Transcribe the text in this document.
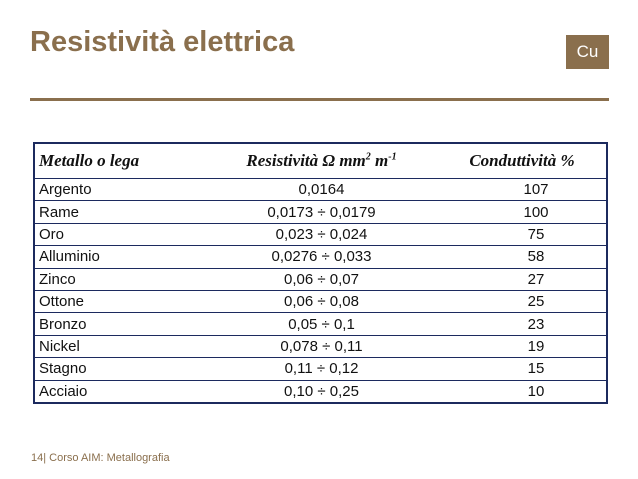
Resistività elettrica	Cu
Metallo o lega	Resistività Ω $mm^2$ $m^{-1}$	Conduttività %
Argento	0,0164	107
Rame	0,0173 ÷ 0,0179	100
Oro	0,023 ÷ 0,024	75
Alluminio	0,0276 ÷ 0,033	58
Zinco	0,06 ÷ 0,07	27
Ottone	0,06 ÷ 0,08	25
Bronzo	0,05 ÷ 0,1	23
Nickel	0,078 ÷ 0,11	19
Stagno	0,11 ÷ 0,12	15
Acciaio	0,10 ÷ 0,25	10
14| Corso AIM: Metallografia
